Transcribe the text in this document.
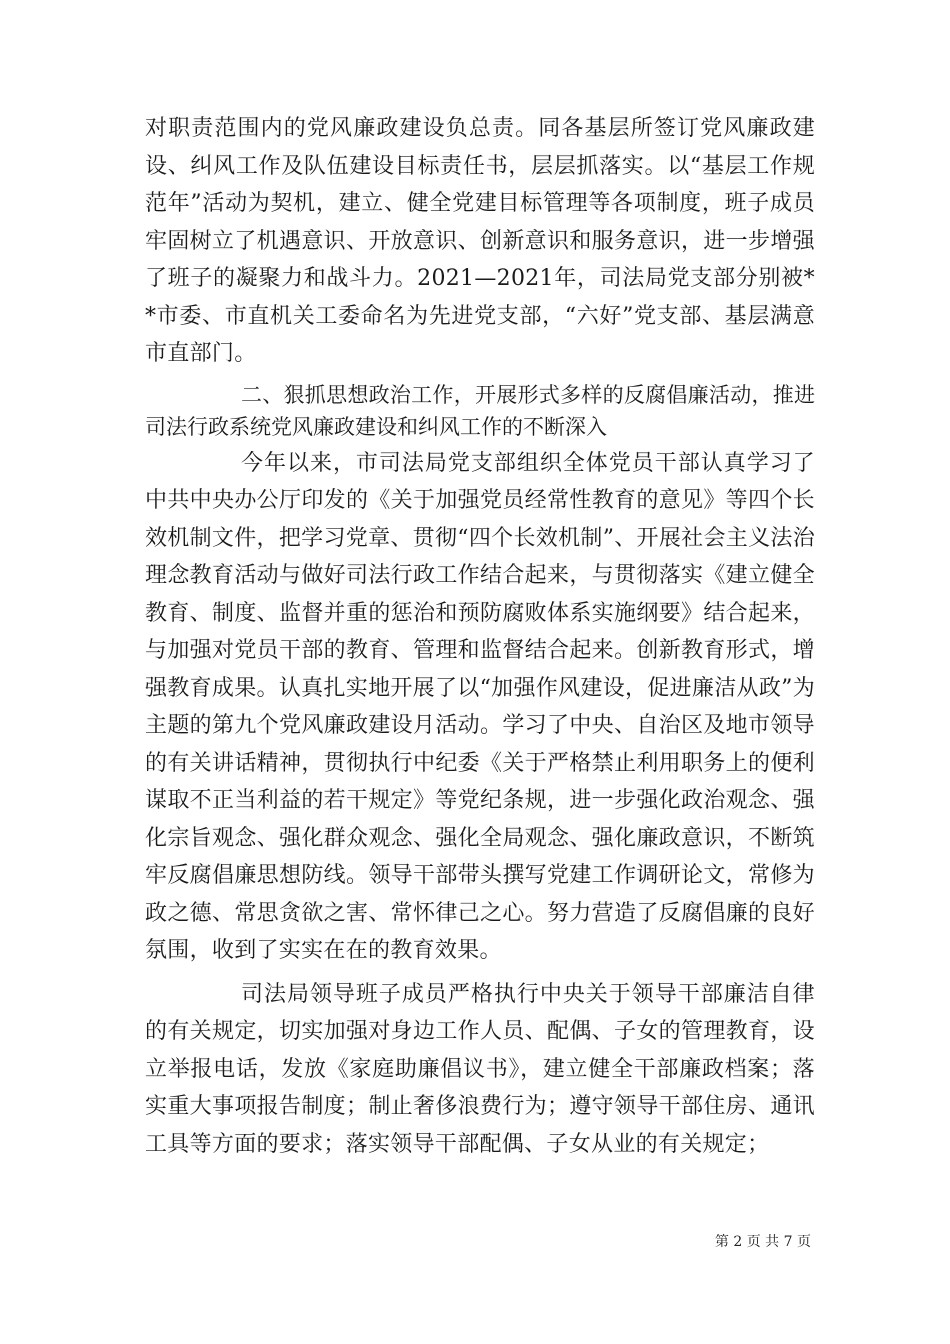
对职责范围内的党风廉政建设负总责。同各基层所签订党风廉政建设、纠风工作及队伍建设目标责任书，层层抓落实。以“基层工作规范年”活动为契机，建立、健全党建目标管理等各项制度，班子成员牢固树立了机遇意识、开放意识、创新意识和服务意识，进一步增强了班子的凝聚力和战斗力。2021—2021年，司法局党支部分别被**市委、市直机关工委命名为先进党支部，“六好”党支部、基层满意市直部门。

二、狠抓思想政治工作，开展形式多样的反腐倡廉活动，推进司法行政系统党风廉政建设和纠风工作的不断深入

今年以来，市司法局党支部组织全体党员干部认真学习了中共中央办公厅印发的《关于加强党员经常性教育的意见》等四个长效机制文件，把学习党章、贯彻“四个长效机制”、开展社会主义法治理念教育活动与做好司法行政工作结合起来，与贯彻落实《建立健全教育、制度、监督并重的惩治和预防腐败体系实施纲要》结合起来，与加强对党员干部的教育、管理和监督结合起来。创新教育形式，增强教育成果。认真扎实地开展了以“加强作风建设，促进廉洁从政”为主题的第九个党风廉政建设月活动。学习了中央、自治区及地市领导的有关讲话精神，贯彻执行中纪委《关于严格禁止利用职务上的便利谋取不正当利益的若干规定》等党纪条规，进一步强化政治观念、强化宗旨观念、强化群众观念、强化全局观念、强化廉政意识，不断筑牢反腐倡廉思想防线。领导干部带头撰写党建工作调研论文，常修为政之德、常思贪欲之害、常怀律己之心。努力营造了反腐倡廉的良好氛围，收到了实实在在的教育效果。

司法局领导班子成员严格执行中央关于领导干部廉洁自律的有关规定，切实加强对身边工作人员、配偶、子女的管理教育，设立举报电话，发放《家庭助廉倡议书》，建立健全干部廉政档案；落实重大事项报告制度；制止奢侈浪费行为；遵守领导干部住房、通讯工具等方面的要求；落实领导干部配偶、子女从业的有关规定；

第 2 页 共 7 页
